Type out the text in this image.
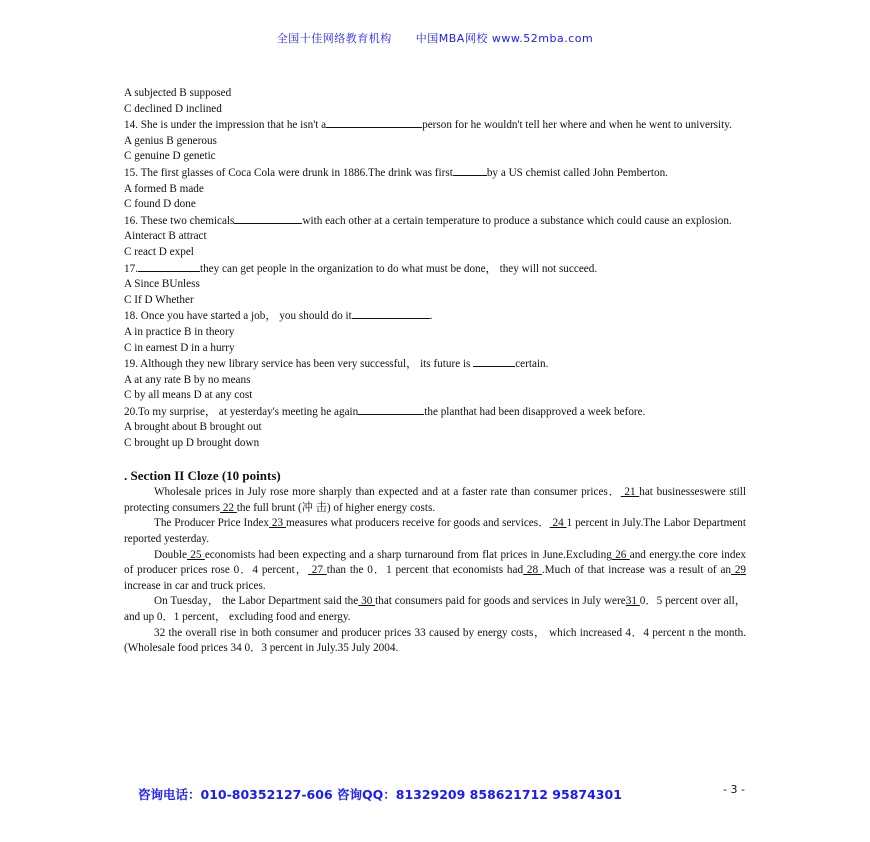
全国十佳网络教育机构 中国MBA网校 www.52mba.com

A subjected B supposed

C declined D inclined

14. She is under the impression that he isn't a	person for he wouldn't tell her where and when he went to university.

A genius B generous

C genuine D genetic

15. The first glasses of Coca Cola were drunk in 1886.The drink was first	by a US chemist called John Pemberton.

A formed B made

C found D done

16. These two chemicals	with each other at a certain temperature to produce a substance which could cause an explosion.

Ainteract B attract

C react D expel

17.	they can get people in the organization to do what must be done， they will not succeed.

A Since BUnless

C If D Whether

18. Once you have started a job， you should do it	.

A in practice B in theory

C in earnest D in a hurry

19. Although they new library service has been very successful， its future is	certain.

A at any rate B by no means

C by all means D at any cost

20.To my surprise， at yesterday's meeting he again	the planthat had been disapproved a week before.

A brought about B brought out

C brought up D brought down

. Section II Cloze (10 points)

Wholesale prices in July rose more sharply than expected and at a faster rate than consumer prices． 21 hat businesseswere still protecting consumers 22 the full brunt (冲 击) of higher energy costs.

The Producer Price Index 23 measures what producers receive for goods and services． 24 1 percent in July.The Labor Department reported yesterday.

Double 25 economists had been expecting and a sharp turnaround from flat prices in June.Excluding 26 and energy.the core index of producer prices rose 0．4 percent， 27 than the 0．1 percent that economists had 28 .Much of that increase was a result of an 29 increase in car and truck prices.

On Tuesday， the Labor Department said the 30 that consumers paid for goods and services in July were31 0．5 percent over all， and up 0．1 percent， excluding food and energy.

32 the overall rise in both consumer and producer prices 33 caused by energy costs， which increased 4．4 percent n the month.(Wholesale food prices 34 0．3 percent in July.35 July 2004.

咨询电话：010-80352127-606 咨询QQ：81329209 858621712 95874301	- 3 -
